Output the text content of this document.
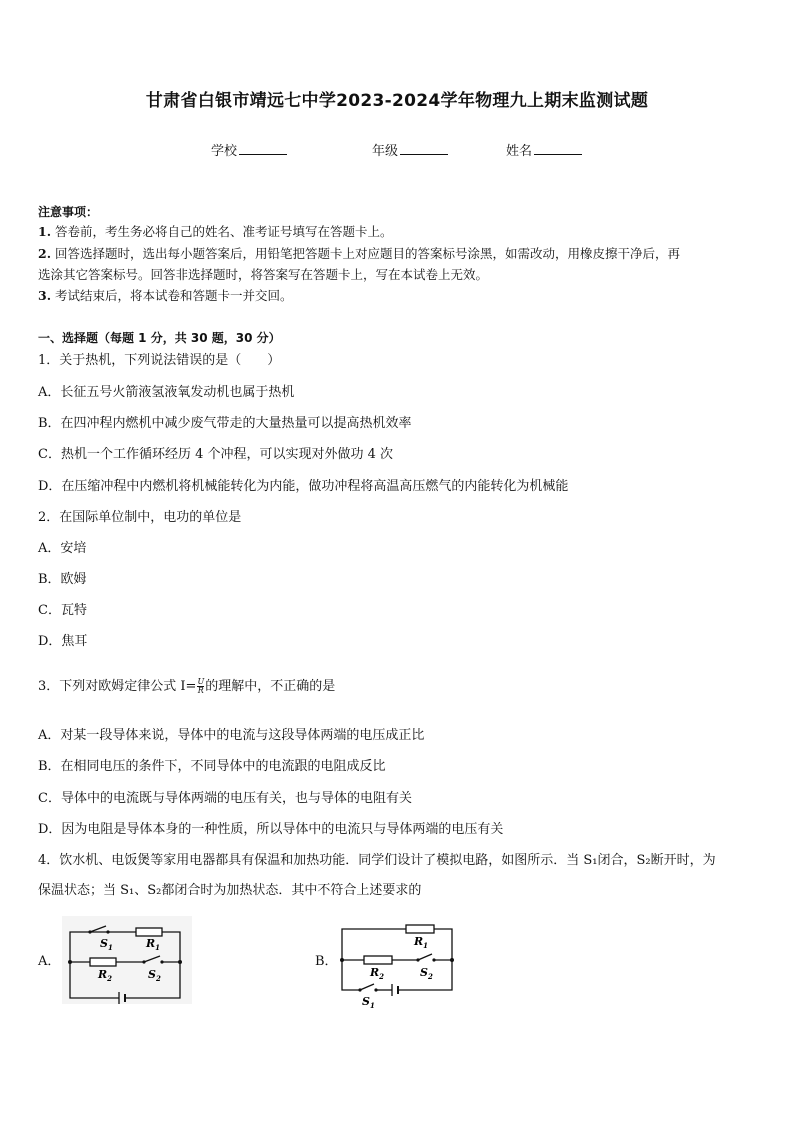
甘肃省白银市靖远七中学2023-2024学年物理九上期末监测试题
学校	年级	姓名
注意事项：
1. 答卷前，考生务必将自己的姓名、准考证号填写在答题卡上。
2. 回答选择题时，选出每小题答案后，用铅笔把答题卡上对应题目的答案标号涂黑，如需改动，用橡皮擦干净后，再
选涂其它答案标号。回答非选择题时，将答案写在答题卡上，写在本试卷上无效。
3. 考试结束后，将本试卷和答题卡一并交回。
一、选择题（每题 1 分，共 30 题，30 分）
1．关于热机，下列说法错误的是（　　）
A．长征五号火箭液氢液氧发动机也属于热机
B．在四冲程内燃机中减少废气带走的大量热量可以提高热机效率
C．热机一个工作循环经历 4 个冲程，可以实现对外做功 4 次
D．在压缩冲程中内燃机将机械能转化为内能，做功冲程将高温高压燃气的内能转化为机械能
2．在国际单位制中，电功的单位是
A．安培
B．欧姆
C．瓦特
D．焦耳
3．下列对欧姆定律公式 $I= \frac{U}{R}$ 的理解中，不正确的是
A．对某一段导体来说，导体中的电流与这段导体两端的电压成正比
B．在相同电压的条件下，不同导体中的电流跟的电阻成反比
C．导体中的电流既与导体两端的电压有关，也与导体的电阻有关
D．因为电阻是导体本身的一种性质，所以导体中的电流只与导体两端的电压有关
4．饮水机、电饭煲等家用电器都具有保温和加热功能．同学们设计了模拟电路，如图所示．当 S₁闭合，S₂断开时，为
保温状态；当 S₁、S₂都闭合时为加热状态．其中不符合上述要求的
A．	B．
$S_1$	$R_1$
$R_2$	$S_2$
$R_1$
$R_2$	$S_2$
$S_1$
